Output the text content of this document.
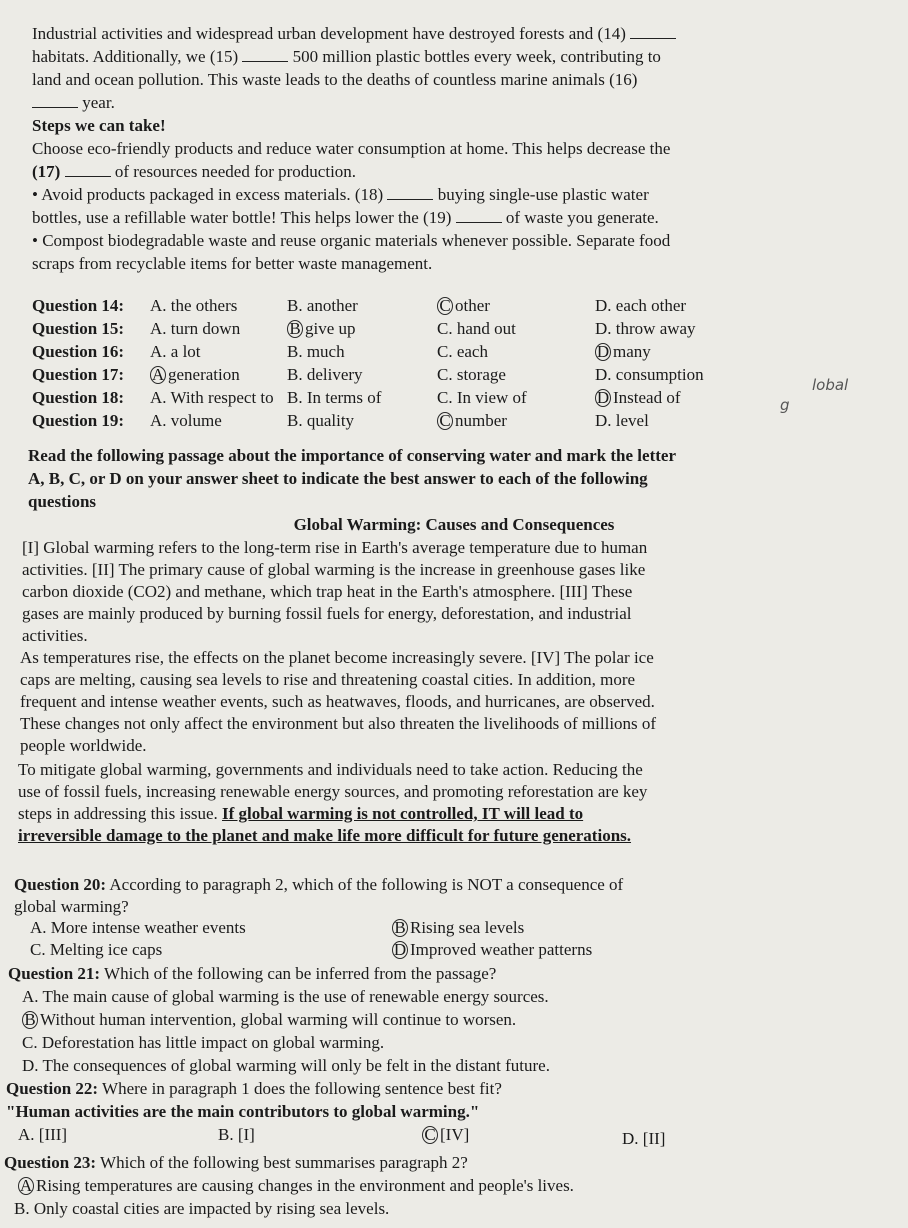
Industrial activities and widespread urban development have destroyed forests and (14)
habitats. Additionally, we (15)	500 million plastic bottles every week, contributing to
land and ocean pollution. This waste leads to the deaths of countless marine animals (16)
year.
Steps we can take!
Choose eco-friendly products and reduce water consumption at home. This helps decrease the
(17)	of resources needed for production.
• Avoid products packaged in excess materials. (18)	buying single-use plastic water
bottles, use a refillable water bottle! This helps lower the (19)	of waste you generate.
• Compost biodegradable waste and reuse organic materials whenever possible. Separate food
scraps from recyclable items for better waste management.
Question 14: A. the others	B. another	C other	D. each other
Question 15: A. turn down	B give up	C. hand out	D. throw away
Question 16: A. a lot	B. much	C. each	D many
Question 17: A generation	B. delivery	C. storage	D. consumption
Question 18: A. With respect to B. In terms of	C. In view of	D Instead of
Question 19: A. volume	B. quality	C number	D. level
lobal
g
Read the following passage about the importance of conserving water and mark the letter
A, B, C, or D on your answer sheet to indicate the best answer to each of the following
questions
Global Warming: Causes and Consequences
[I] Global warming refers to the long-term rise in Earth's average temperature due to human
activities. [II] The primary cause of global warming is the increase in greenhouse gases like
carbon dioxide (CO2) and methane, which trap heat in the Earth's atmosphere. [III] These
gases are mainly produced by burning fossil fuels for energy, deforestation, and industrial
activities.
As temperatures rise, the effects on the planet become increasingly severe. [IV] The polar ice
caps are melting, causing sea levels to rise and threatening coastal cities. In addition, more
frequent and intense weather events, such as heatwaves, floods, and hurricanes, are observed.
These changes not only affect the environment but also threaten the livelihoods of millions of
people worldwide.
To mitigate global warming, governments and individuals need to take action. Reducing the
use of fossil fuels, increasing renewable energy sources, and promoting reforestation are key
steps in addressing this issue. If global warming is not controlled, IT will lead to
irreversible damage to the planet and make life more difficult for future generations.
Question 20: According to paragraph 2, which of the following is NOT a consequence of
global warming?
A. More intense weather events	B Rising sea levels
C. Melting ice caps	D Improved weather patterns
Question 21: Which of the following can be inferred from the passage?
A. The main cause of global warming is the use of renewable energy sources.
B Without human intervention, global warming will continue to worsen.
C. Deforestation has little impact on global warming.
D. The consequences of global warming will only be felt in the distant future.
Question 22: Where in paragraph 1 does the following sentence best fit?
"Human activities are the main contributors to global warming."
A. [III]	B. [I]	C [IV]	D. [II]
Question 23: Which of the following best summarises paragraph 2?
A Rising temperatures are causing changes in the environment and people's lives.
B. Only coastal cities are impacted by rising sea levels.
